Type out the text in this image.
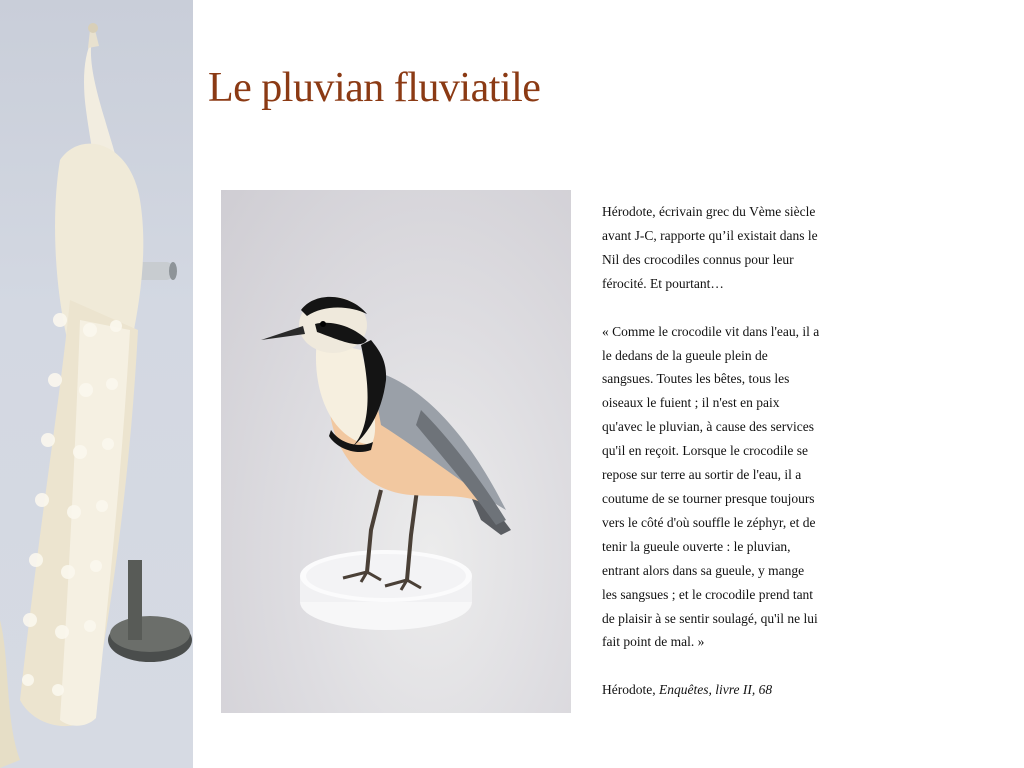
Le pluvian fluviatile

Hérodote, écrivain grec du Vème siècle
avant J-C, rapporte qu’il existait dans le
Nil des crocodiles connus pour leur
férocité. Et pourtant…

« Comme le crocodile vit dans l'eau, il a
le dedans de la gueule plein de
sangsues. Toutes les bêtes, tous les
oiseaux le fuient ; il n'est en paix
qu'avec le pluvian, à cause des services
qu'il en reçoit. Lorsque le crocodile se
repose sur terre au sortir de l'eau, il a
coutume de se tourner presque toujours
vers le côté d'où souffle le zéphyr, et de
tenir la gueule ouverte : le pluvian,
entrant alors dans sa gueule, y mange
les sangsues ; et le crocodile prend tant
de plaisir à se sentir soulagé, qu'il ne lui
fait point de mal. »

Hérodote, Enquêtes, livre II, 68
